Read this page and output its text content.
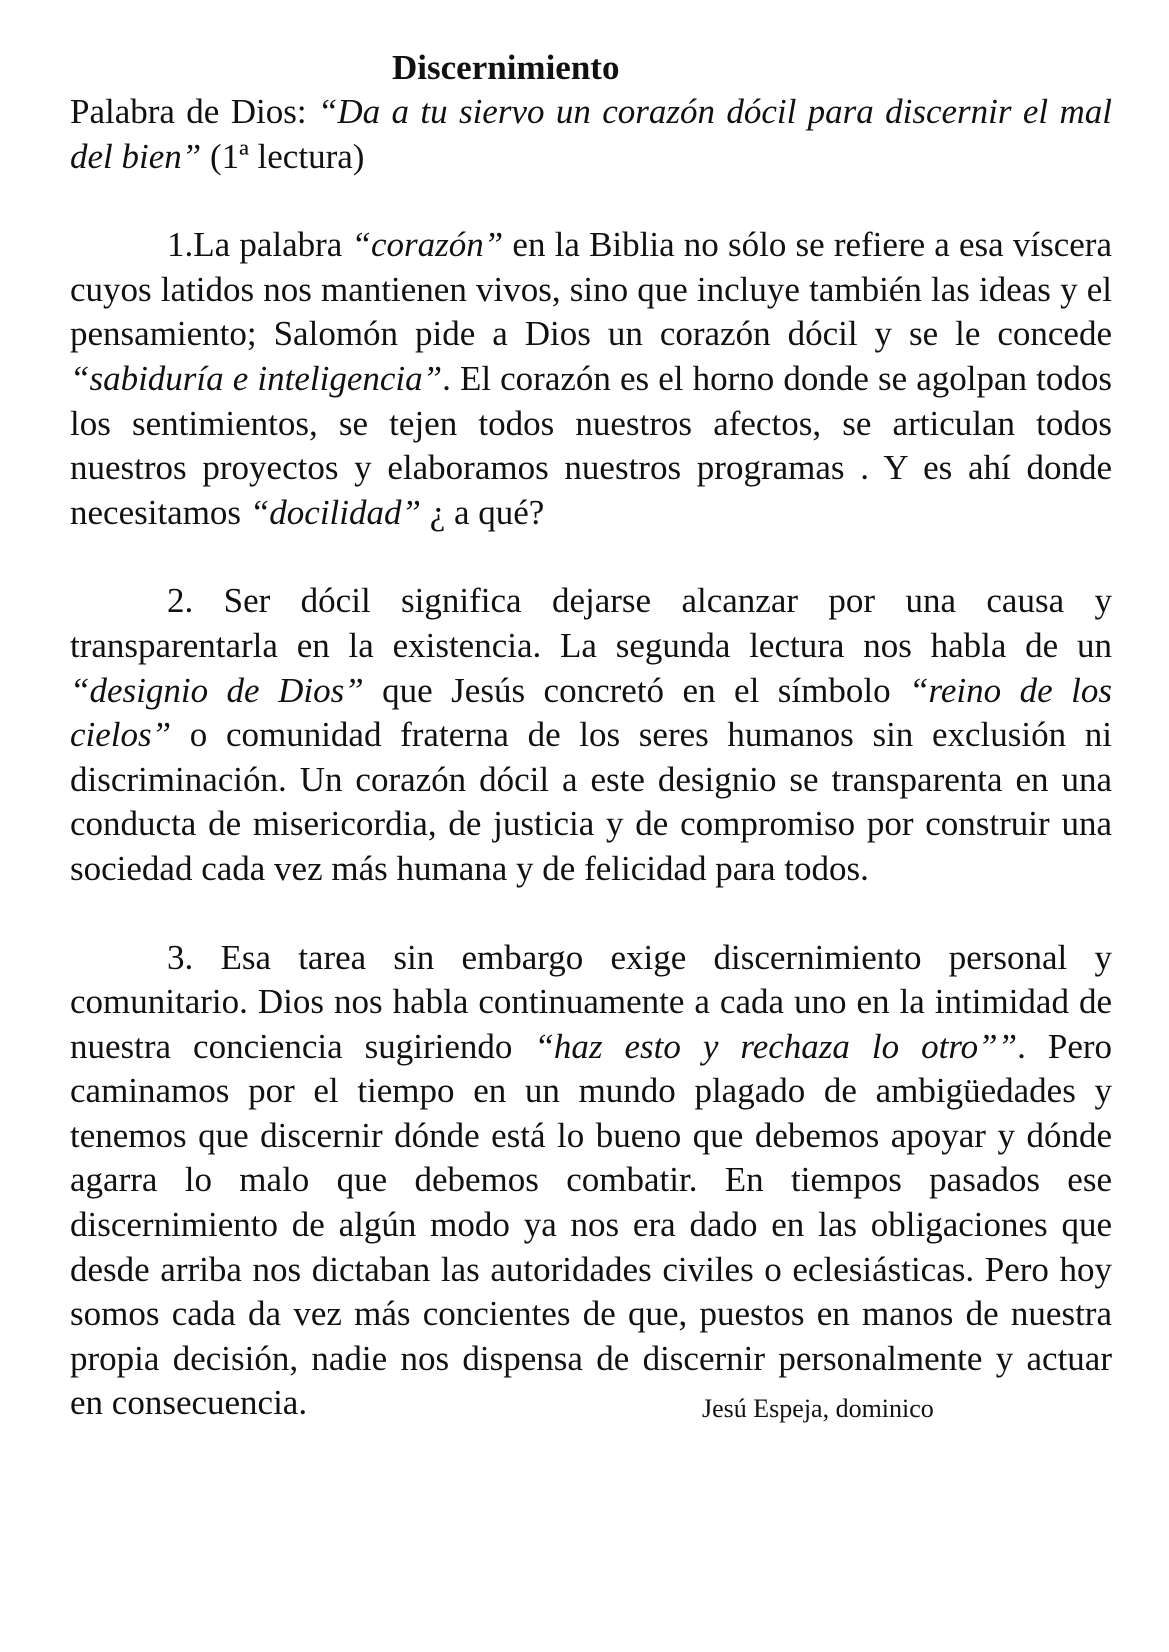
Discernimiento

Palabra de Dios: “Da a tu siervo un corazón dócil para discernir el mal del bien” (1ª lectura)

1.La palabra “corazón” en la Biblia no sólo se refiere a esa víscera cuyos latidos nos mantienen vivos, sino que incluye también las ideas y el pensamiento; Salomón pide a Dios un corazón dócil y se le concede “sabiduría e inteligencia”. El corazón es el horno donde se agolpan todos los sentimientos, se tejen todos nuestros afectos, se articulan todos nuestros proyectos y elaboramos nuestros programas . Y es ahí donde necesitamos “docilidad” ¿ a qué?

2. Ser dócil significa dejarse alcanzar por una causa y transparentarla en la existencia. La segunda lectura nos habla de un “designio de Dios” que Jesús concretó en el símbolo “reino de los cielos” o comunidad fraterna de los seres humanos sin exclusión ni discriminación. Un corazón dócil a este designio se transparenta en una conducta de misericordia, de justicia y de compromiso por construir una sociedad cada vez más humana y de felicidad para todos.

3. Esa tarea sin embargo exige discernimiento personal y comunitario. Dios nos habla continuamente a cada uno en la intimidad de nuestra conciencia sugiriendo “haz esto y rechaza lo otro””. Pero caminamos por el tiempo en un mundo plagado de ambigüedades y tenemos que discernir dónde está lo bueno que debemos apoyar y dónde agarra lo malo que debemos combatir. En tiempos pasados ese discernimiento de algún modo ya nos era dado en las obligaciones que desde arriba nos dictaban las autoridades civiles o eclesiásticas. Pero hoy somos cada da vez más concientes de que, puestos en manos de nuestra propia decisión, nadie nos dispensa de discernir personalmente y actuar en consecuencia.	Jesú Espeja, dominico
